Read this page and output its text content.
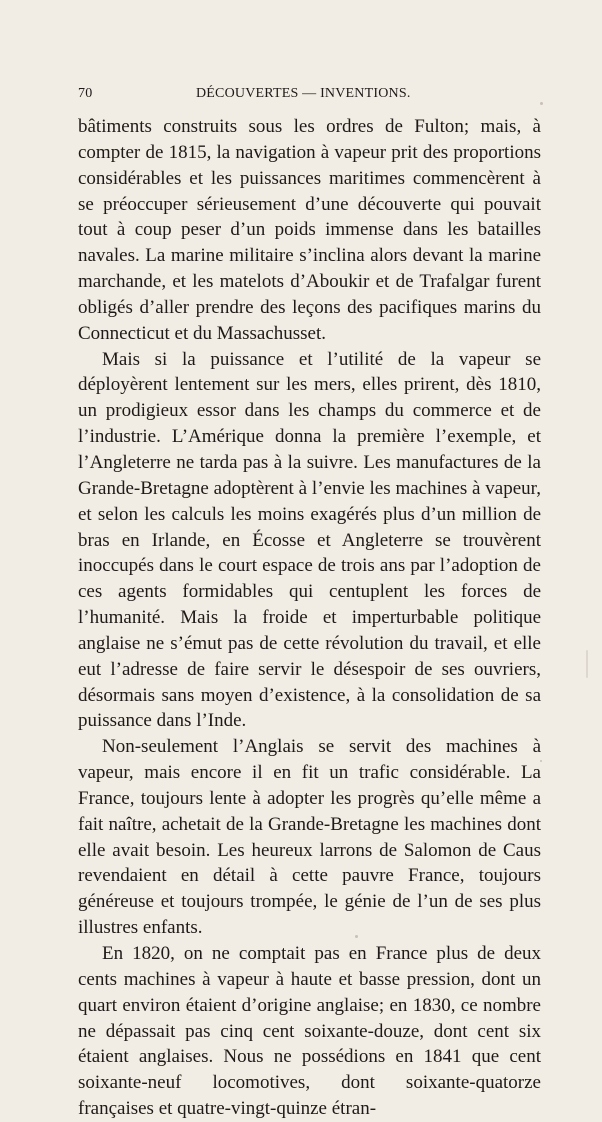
70	DÉCOUVERTES — INVENTIONS.

bâtiments construits sous les ordres de Fulton; mais, à compter de 1815, la navigation à vapeur prit des proportions considérables et les puissances maritimes commencèrent à se préoccuper sérieusement d’une découverte qui pouvait tout à coup peser d’un poids immense dans les batailles navales. La marine militaire s’inclina alors devant la marine marchande, et les matelots d’Aboukir et de Trafalgar furent obligés d’aller prendre des leçons des pacifiques marins du Connecticut et du Massachusset.

Mais si la puissance et l’utilité de la vapeur se déployèrent lentement sur les mers, elles prirent, dès 1810, un prodigieux essor dans les champs du commerce et de l’industrie. L’Amérique donna la première l’exemple, et l’Angleterre ne tarda pas à la suivre. Les manufactures de la Grande-Bretagne adoptèrent à l’envie les machines à vapeur, et selon les calculs les moins exagérés plus d’un million de bras en Irlande, en Écosse et Angleterre se trouvèrent inoccupés dans le court espace de trois ans par l’adoption de ces agents formidables qui centuplent les forces de l’humanité. Mais la froide et imperturbable politique anglaise ne s’émut pas de cette révolution du travail, et elle eut l’adresse de faire servir le désespoir de ses ouvriers, désormais sans moyen d’existence, à la consolidation de sa puissance dans l’Inde.

Non-seulement l’Anglais se servit des machines à vapeur, mais encore il en fit un trafic considérable. La France, toujours lente à adopter les progrès qu’elle même a fait naître, achetait de la Grande-Bretagne les machines dont elle avait besoin. Les heureux larrons de Salomon de Caus revendaient en détail à cette pauvre France, toujours généreuse et toujours trompée, le génie de l’un de ses plus illustres enfants.

En 1820, on ne comptait pas en France plus de deux cents machines à vapeur à haute et basse pression, dont un quart environ étaient d’origine anglaise; en 1830, ce nombre ne dépassait pas cinq cent soixante-douze, dont cent six étaient anglaises. Nous ne possédions en 1841 que cent soixante-neuf locomotives, dont soixante-quatorze françaises et quatre-vingt-quinze étran-
